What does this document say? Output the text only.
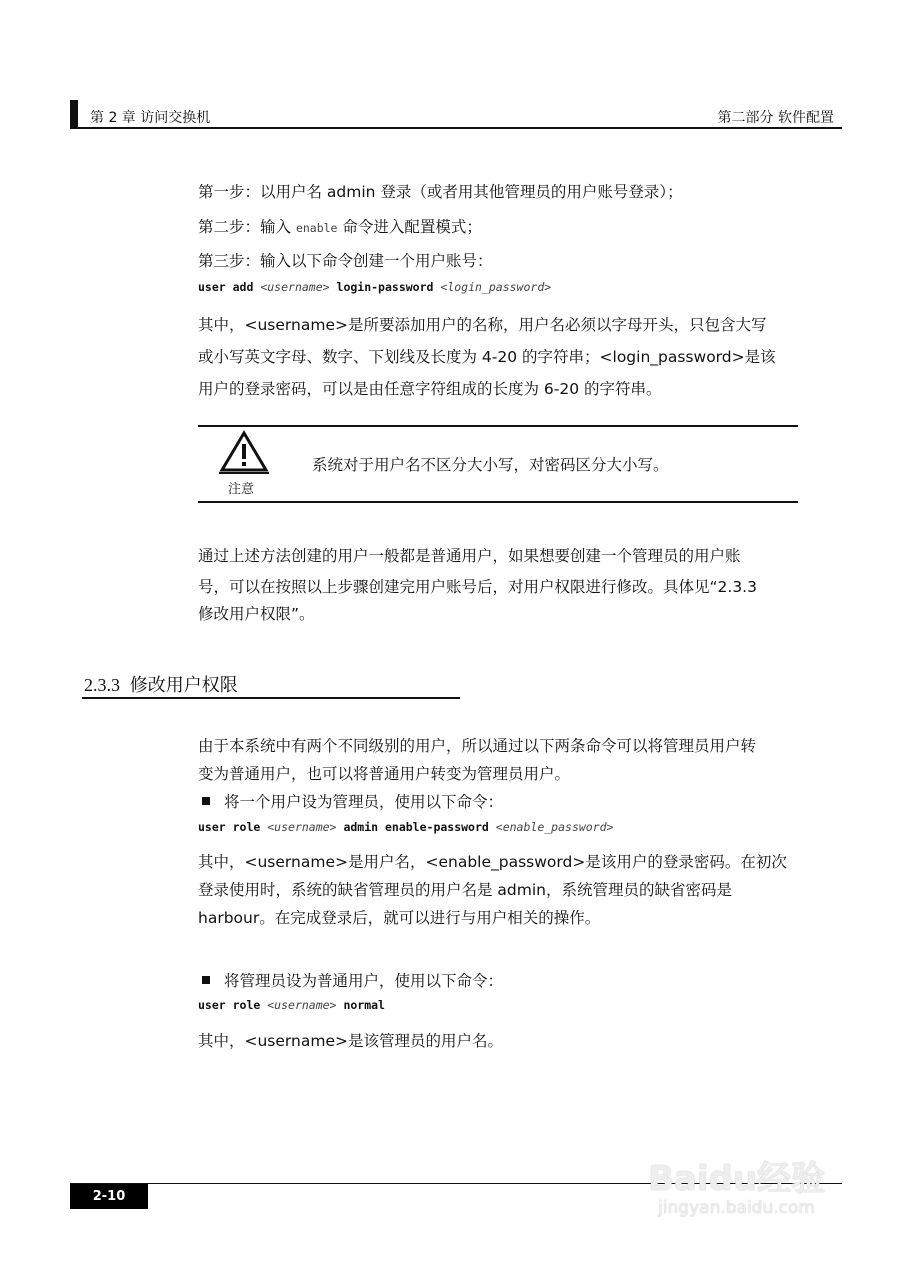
第 2 章 访问交换机	第二部分 软件配置
第一步：以用户名 admin 登录（或者用其他管理员的用户账号登录）；
第二步：输入 enable 命令进入配置模式；
第三步：输入以下命令创建一个用户账号：
user add <username> login-password <login_password>
其中，<username>是所要添加用户的名称，用户名必须以字母开头，只包含大写
或小写英文字母、数字、下划线及长度为 4-20 的字符串；<login_password>是该
用户的登录密码，可以是由任意字符组成的长度为 6-20 的字符串。
注意
系统对于用户名不区分大小写，对密码区分大小写。
通过上述方法创建的用户一般都是普通用户，如果想要创建一个管理员的用户账
号，可以在按照以上步骤创建完用户账号后，对用户权限进行修改。具体见“2.3.3
修改用户权限”。
2.3.3 修改用户权限
由于本系统中有两个不同级别的用户，所以通过以下两条命令可以将管理员用户转
变为普通用户，也可以将普通用户转变为管理员用户。
将一个用户设为管理员，使用以下命令：
user role <username> admin enable-password <enable_password>
其中，<username>是用户名，<enable_password>是该用户的登录密码。在初次
登录使用时，系统的缺省管理员的用户名是 admin，系统管理员的缺省密码是
harbour。在完成登录后，就可以进行与用户相关的操作。
将管理员设为普通用户，使用以下命令：
user role <username> normal
其中，<username>是该管理员的用户名。
2-10	Baidu经验
jingyan.baidu.com
